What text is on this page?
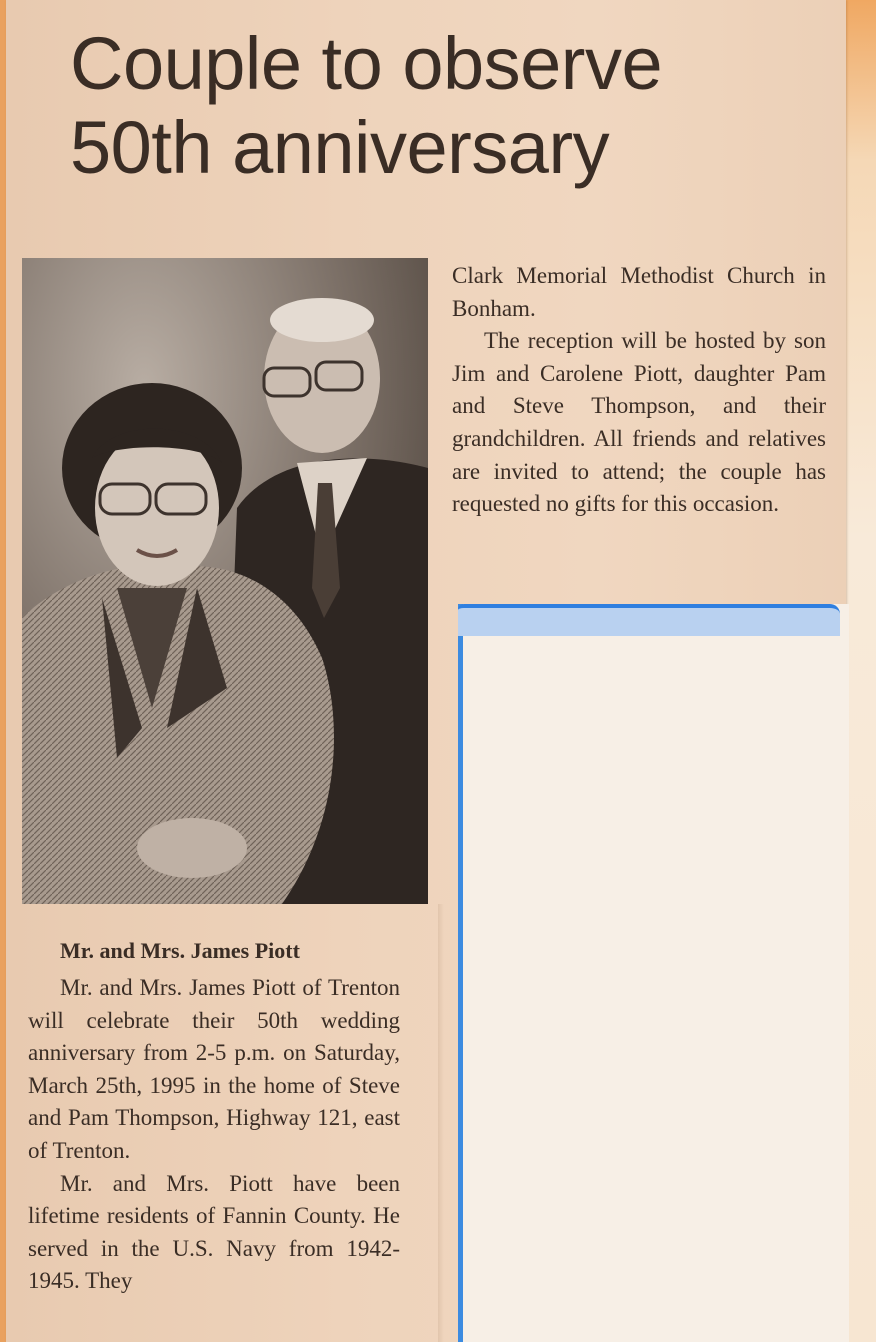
Couple to observe
50th anniversary
Mr. and Mrs. James Piott

Mr. and Mrs. James Piott of Trenton will celebrate their 50th wedding anniversary from 2-5 p.m. on Saturday, March 25th, 1995 in the home of Steve and Pam Thompson, Highway 121, east of Trenton.

Mr. and Mrs. Piott have been lifetime residents of Fannin County. He served in the U.S. Navy from 1942-1945. They

Clark Memorial Methodist Church in Bonham.

The reception will be hosted by son Jim and Carolene Piott, daughter Pam and Steve Thompson, and their grandchildren. All friends and relatives are invited to attend; the couple has requested no gifts for this occasion.
